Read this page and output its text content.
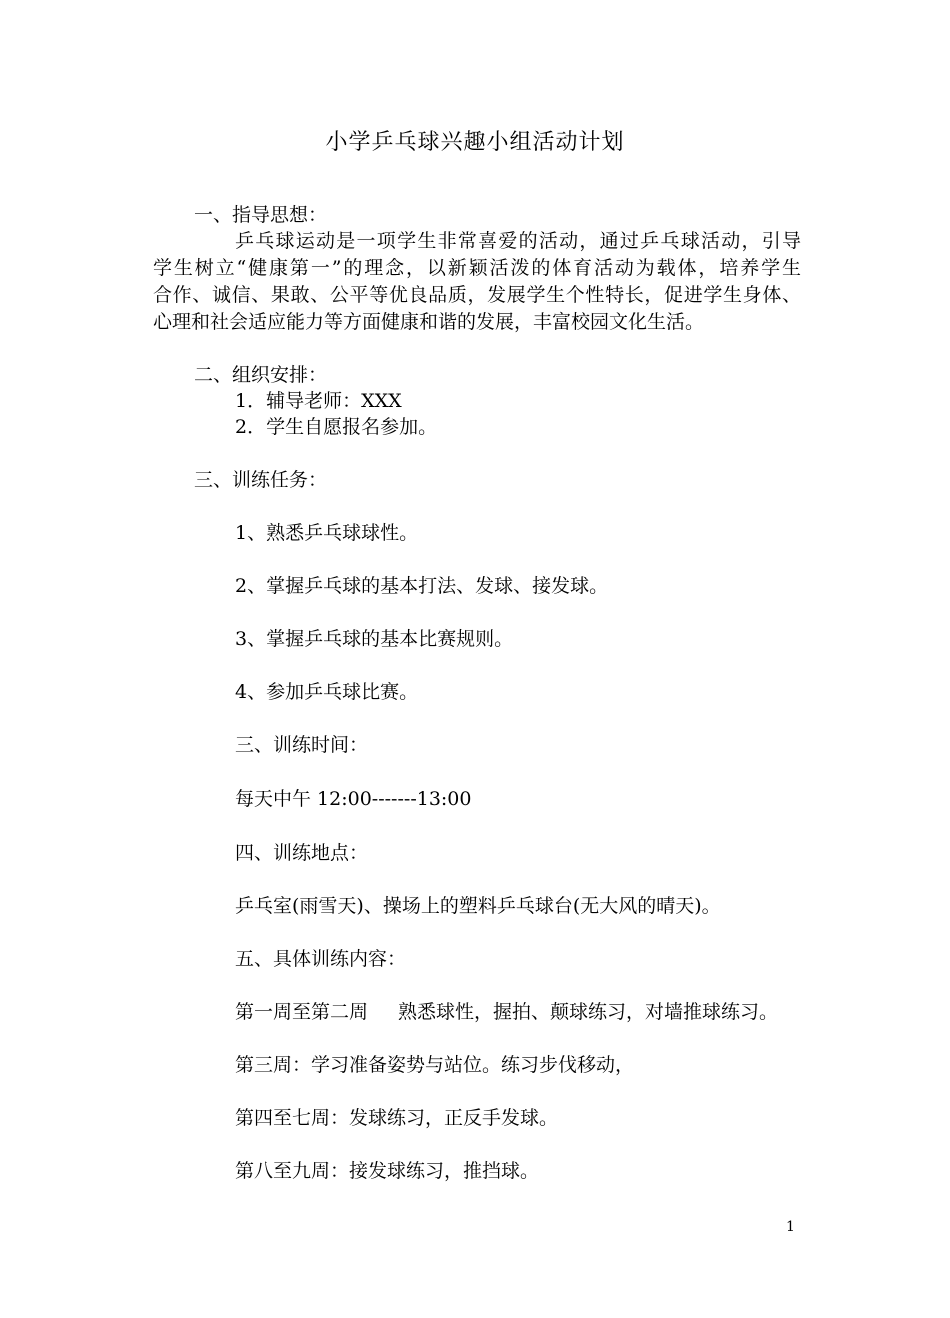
小学乒乓球兴趣小组活动计划
一、指导思想：
乒乓球运动是一项学生非常喜爱的活动，通过乒乓球活动，引导
学生树立“健康第一”的理念，以新颖活泼的体育活动为载体，培养学生
合作、诚信、果敢、公平等优良品质，发展学生个性特长，促进学生身体、
心理和社会适应能力等方面健康和谐的发展，丰富校园文化生活。
二、组织安排：
1．辅导老师：XXX
2．学生自愿报名参加。
三、训练任务：
1、熟悉乒乓球球性。
2、掌握乒乓球的基本打法、发球、接发球。
3、掌握乒乓球的基本比赛规则。
4、参加乒乓球比赛。
三、训练时间：
每天中午 12:00-------13:00
四、训练地点：
乒乓室(雨雪天)、操场上的塑料乒乓球台(无大风的晴天)。
五、具体训练内容：
第一周至第二周 熟悉球性，握拍、颠球练习，对墙推球练习。
第三周：学习准备姿势与站位。练习步伐移动，
第四至七周：发球练习，正反手发球。
第八至九周：接发球练习，推挡球。
1
